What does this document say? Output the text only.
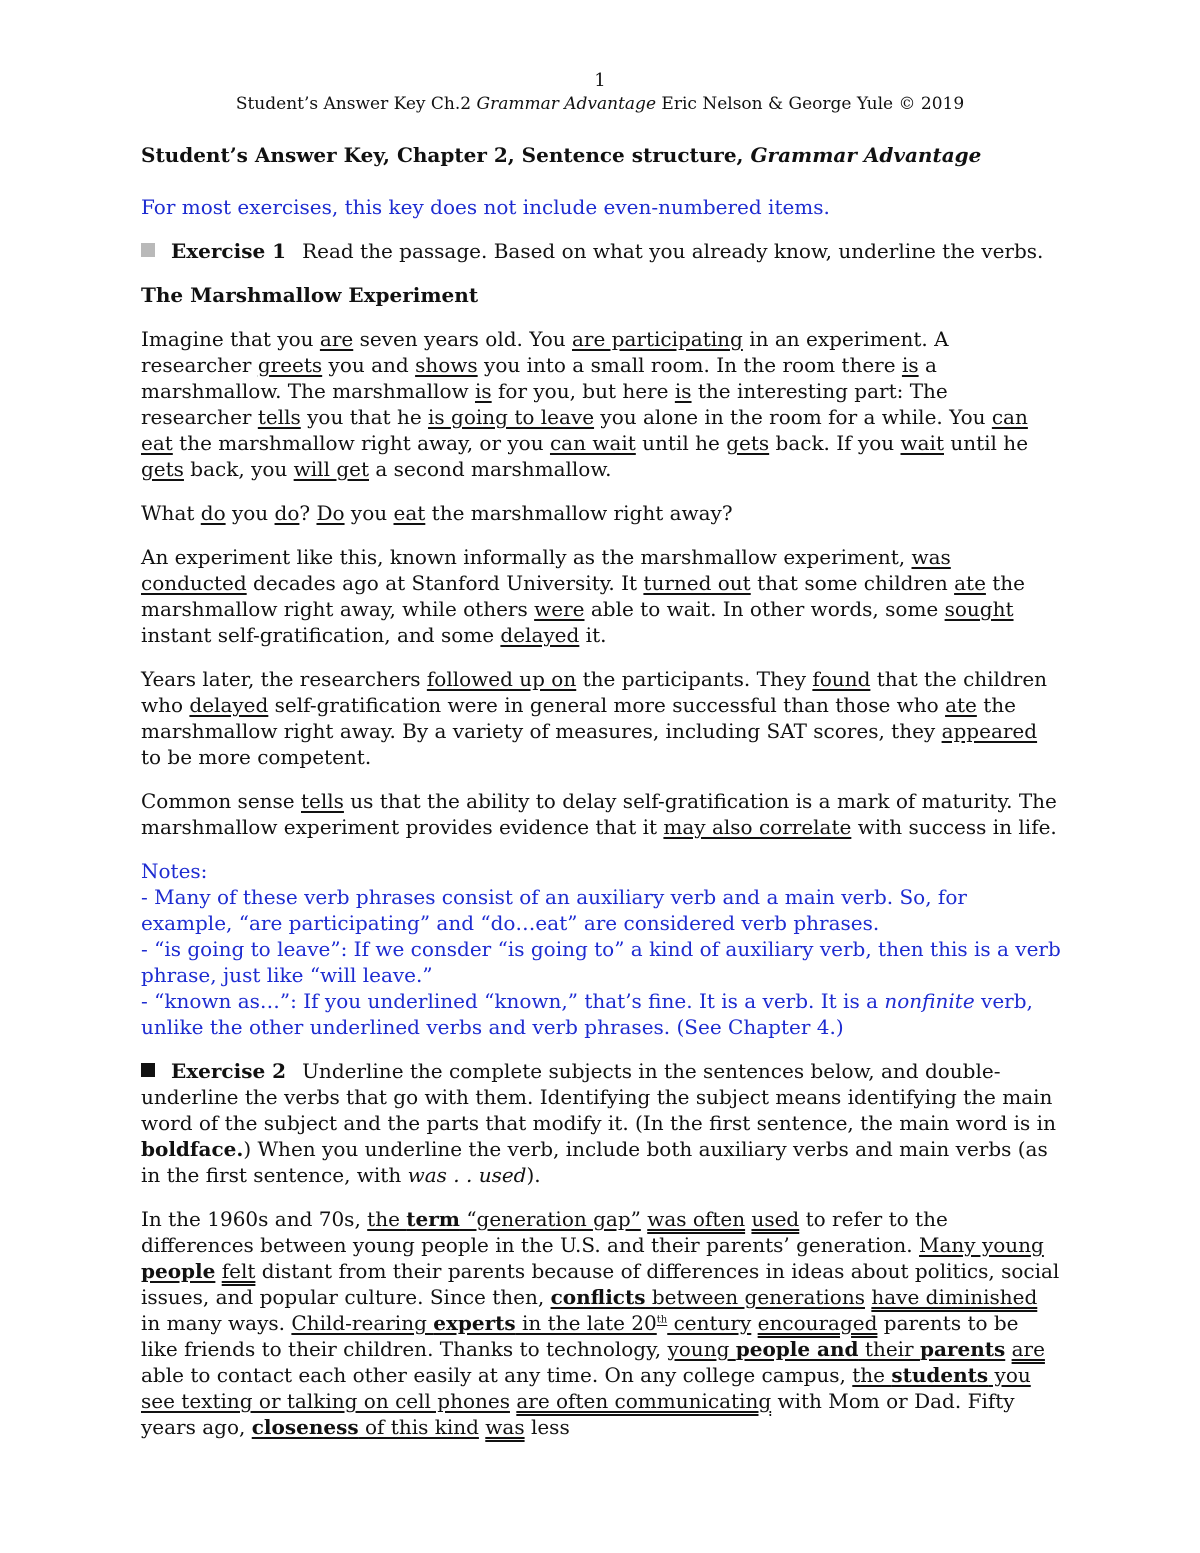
1
Student’s Answer Key Ch.2 Grammar Advantage Eric Nelson & George Yule © 2019
Student’s Answer Key, Chapter 2, Sentence structure, Grammar Advantage
For most exercises, this key does not include even-numbered items.
Exercise 1 Read the passage. Based on what you already know, underline the verbs.
The Marshmallow Experiment

Imagine that you are seven years old. You are participating in an experiment. A researcher greets you and shows you into a small room. In the room there is a marshmallow. The marshmallow is for you, but here is the interesting part: The researcher tells you that he is going to leave you alone in the room for a while. You can eat the marshmallow right away, or you can wait until he gets back. If you wait until he gets back, you will get a second marshmallow.

What do you do? Do you eat the marshmallow right away?

An experiment like this, known informally as the marshmallow experiment, was conducted decades ago at Stanford University. It turned out that some children ate the marshmallow right away, while others were able to wait. In other words, some sought instant self-gratification, and some delayed it.

Years later, the researchers followed up on the participants. They found that the children who delayed self-gratification were in general more successful than those who ate the marshmallow right away. By a variety of measures, including SAT scores, they appeared to be more competent.

Common sense tells us that the ability to delay self-gratification is a mark of maturity. The marshmallow experiment provides evidence that it may also correlate with success in life.

Notes:
- Many of these verb phrases consist of an auxiliary verb and a main verb. So, for example, “are participating” and “do…eat” are considered verb phrases.
- “is going to leave”: If we consder “is going to” a kind of auxiliary verb, then this is a verb phrase, just like “will leave.”
- “known as…”: If you underlined “known,” that’s fine. It is a verb. It is a nonfinite verb, unlike the other underlined verbs and verb phrases. (See Chapter 4.)

Exercise 2 Underline the complete subjects in the sentences below, and double-underline the verbs that go with them. Identifying the subject means identifying the main word of the subject and the parts that modify it. (In the first sentence, the main word is in boldface.) When you underline the verb, include both auxiliary verbs and main verbs (as in the first sentence, with was . . used).

In the 1960s and 70s, the term “generation gap” was often used to refer to the differences between young people in the U.S. and their parents’ generation. Many young people felt distant from their parents because of differences in ideas about politics, social issues, and popular culture. Since then, conflicts between generations have diminished in many ways. Child-rearing experts in the late 20th century encouraged parents to be like friends to their children. Thanks to technology, young people and their parents are able to contact each other easily at any time. On any college campus, the students you see texting or talking on cell phones are often communicating with Mom or Dad. Fifty years ago, closeness of this kind was less
